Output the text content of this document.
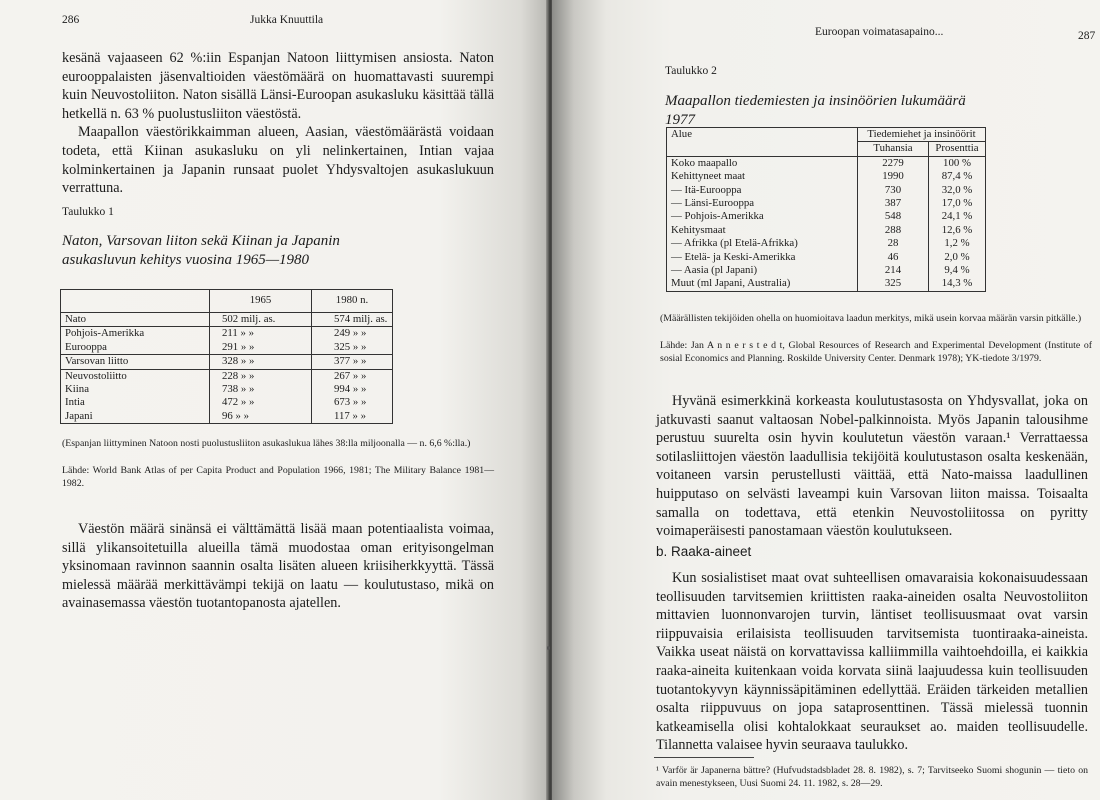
286	Jukka Knuuttila

kesänä vajaaseen 62 %:iin Espanjan Natoon liittymisen ansiosta. Naton eurooppalaisten jäsenvaltioiden väestömäärä on huomattavasti suurempi kuin Neuvostoliiton. Naton sisällä Länsi-Euroopan asukasluku käsittää tällä hetkellä n. 63 % puolustusliiton väestöstä.

Maapallon väestörikkaimman alueen, Aasian, väestömäärästä voidaan todeta, että Kiinan asukasluku on yli nelinkertainen, Intian vajaa kolminkertainen ja Japanin runsaat puolet Yhdysvaltojen asukaslukuun verrattuna.

Taulukko 1
Naton, Varsovan liiton sekä Kiinan ja Japanin asukasluvun kehitys vuosina 1965—1980
	1965	1980 n.
Nato	502 milj. as.	574 milj. as.
Pohjois-Amerikka	211 » »	249 » »
Eurooppa	291 » »	325 » »
Varsovan liitto	328 » »	377 » »
Neuvostoliitto	228 » »	267 » »
Kiina	738 » »	994 » »
Intia	472 » »	673 » »
Japani	96 » »	117 » »
(Espanjan liittyminen Natoon nosti puolustusliiton asukaslukua lähes 38:lla miljoonalla — n. 6,6 %:lla.)
Lähde: World Bank Atlas of per Capita Product and Population 1966, 1981; The Military Balance 1981—1982.

Väestön määrä sinänsä ei välttämättä lisää maan potentiaalista voimaa, sillä ylikansoitetuilla alueilla tämä muodostaa oman erityisongelman yksinomaan ravinnon saannin osalta lisäten alueen kriisiherkkyyttä. Tässä mielessä määrää merkittävämpi tekijä on laatu — koulutustaso, mikä on avainasemassa väestön tuotantopanosta ajatellen.

Euroopan voimatasapaino...	287
Taulukko 2
Maapallon tiedemiesten ja insinöörien lukumäärä 1977
Alue	Tiedemiehet ja insinöörit	
	Tuhansia	Prosenttia
Koko maapallo	2279	100 %
Kehittyneet maat	1990	87,4 %
— Itä-Eurooppa	730	32,0 %
— Länsi-Eurooppa	387	17,0 %
— Pohjois-Amerikka	548	24,1 %
Kehitysmaat	288	12,6 %
— Afrikka (pl Etelä-Afrikka)	28	1,2 %
— Etelä- ja Keski-Amerikka	46	2,0 %
— Aasia (pl Japani)	214	9,4 %
Muut (ml Japani, Australia)	325	14,3 %
(Määrällisten tekijöiden ohella on huomioitava laadun merkitys, mikä usein korvaa määrän varsin pitkälle.)
Lähde: Jan A n n e r s t e d t, Global Resources of Research and Experimental Development (Institute of sosial Economics and Planning. Roskilde University Center. Denmark 1978); YK-tiedote 3/1979.

Hyvänä esimerkkinä korkeasta koulutustasosta on Yhdysvallat, joka on jatkuvasti saanut valtaosan Nobel-palkinnoista. Myös Japanin talousihme perustuu suurelta osin hyvin koulutetun väestön varaan.¹ Verrattaessa sotilasliittojen väestön laadullisia tekijöitä koulutustason osalta keskenään, voitaneen varsin perustellusti väittää, että Nato-maissa laadullinen huipputaso on selvästi laveampi kuin Varsovan liiton maissa. Toisaalta samalla on todettava, että etenkin Neuvostoliitossa on pyritty voimaperäisesti panostamaan väestön koulutukseen.

b. Raaka-aineet

Kun sosialistiset maat ovat suhteellisen omavaraisia kokonaisuudessaan teollisuuden tarvitsemien kriittisten raaka-aineiden osalta Neuvostoliiton mittavien luonnonvarojen turvin, läntiset teollisuusmaat ovat varsin riippuvaisia erilaisista teollisuuden tarvitsemista tuontiraaka-aineista. Vaikka useat näistä on korvattavissa kalliimmilla vaihtoehdoilla, ei kaikkia raaka-aineita kuitenkaan voida korvata siinä laajuudessa kuin teollisuuden tuotantokyvyn käynnissäpitäminen edellyttää. Eräiden tärkeiden metallien osalta riippuvuus on jopa sataprosenttinen. Tässä mielessä tuonnin katkeamisella olisi kohtalokkaat seuraukset ao. maiden teollisuudelle. Tilannetta valaisee hyvin seuraava taulukko.

¹ Varför är Japanerna bättre? (Hufvudstadsbladet 28. 8. 1982), s. 7; Tarvitseeko Suomi shogunin — tieto on avain menestykseen, Uusi Suomi 24. 11. 1982, s. 28—29.
